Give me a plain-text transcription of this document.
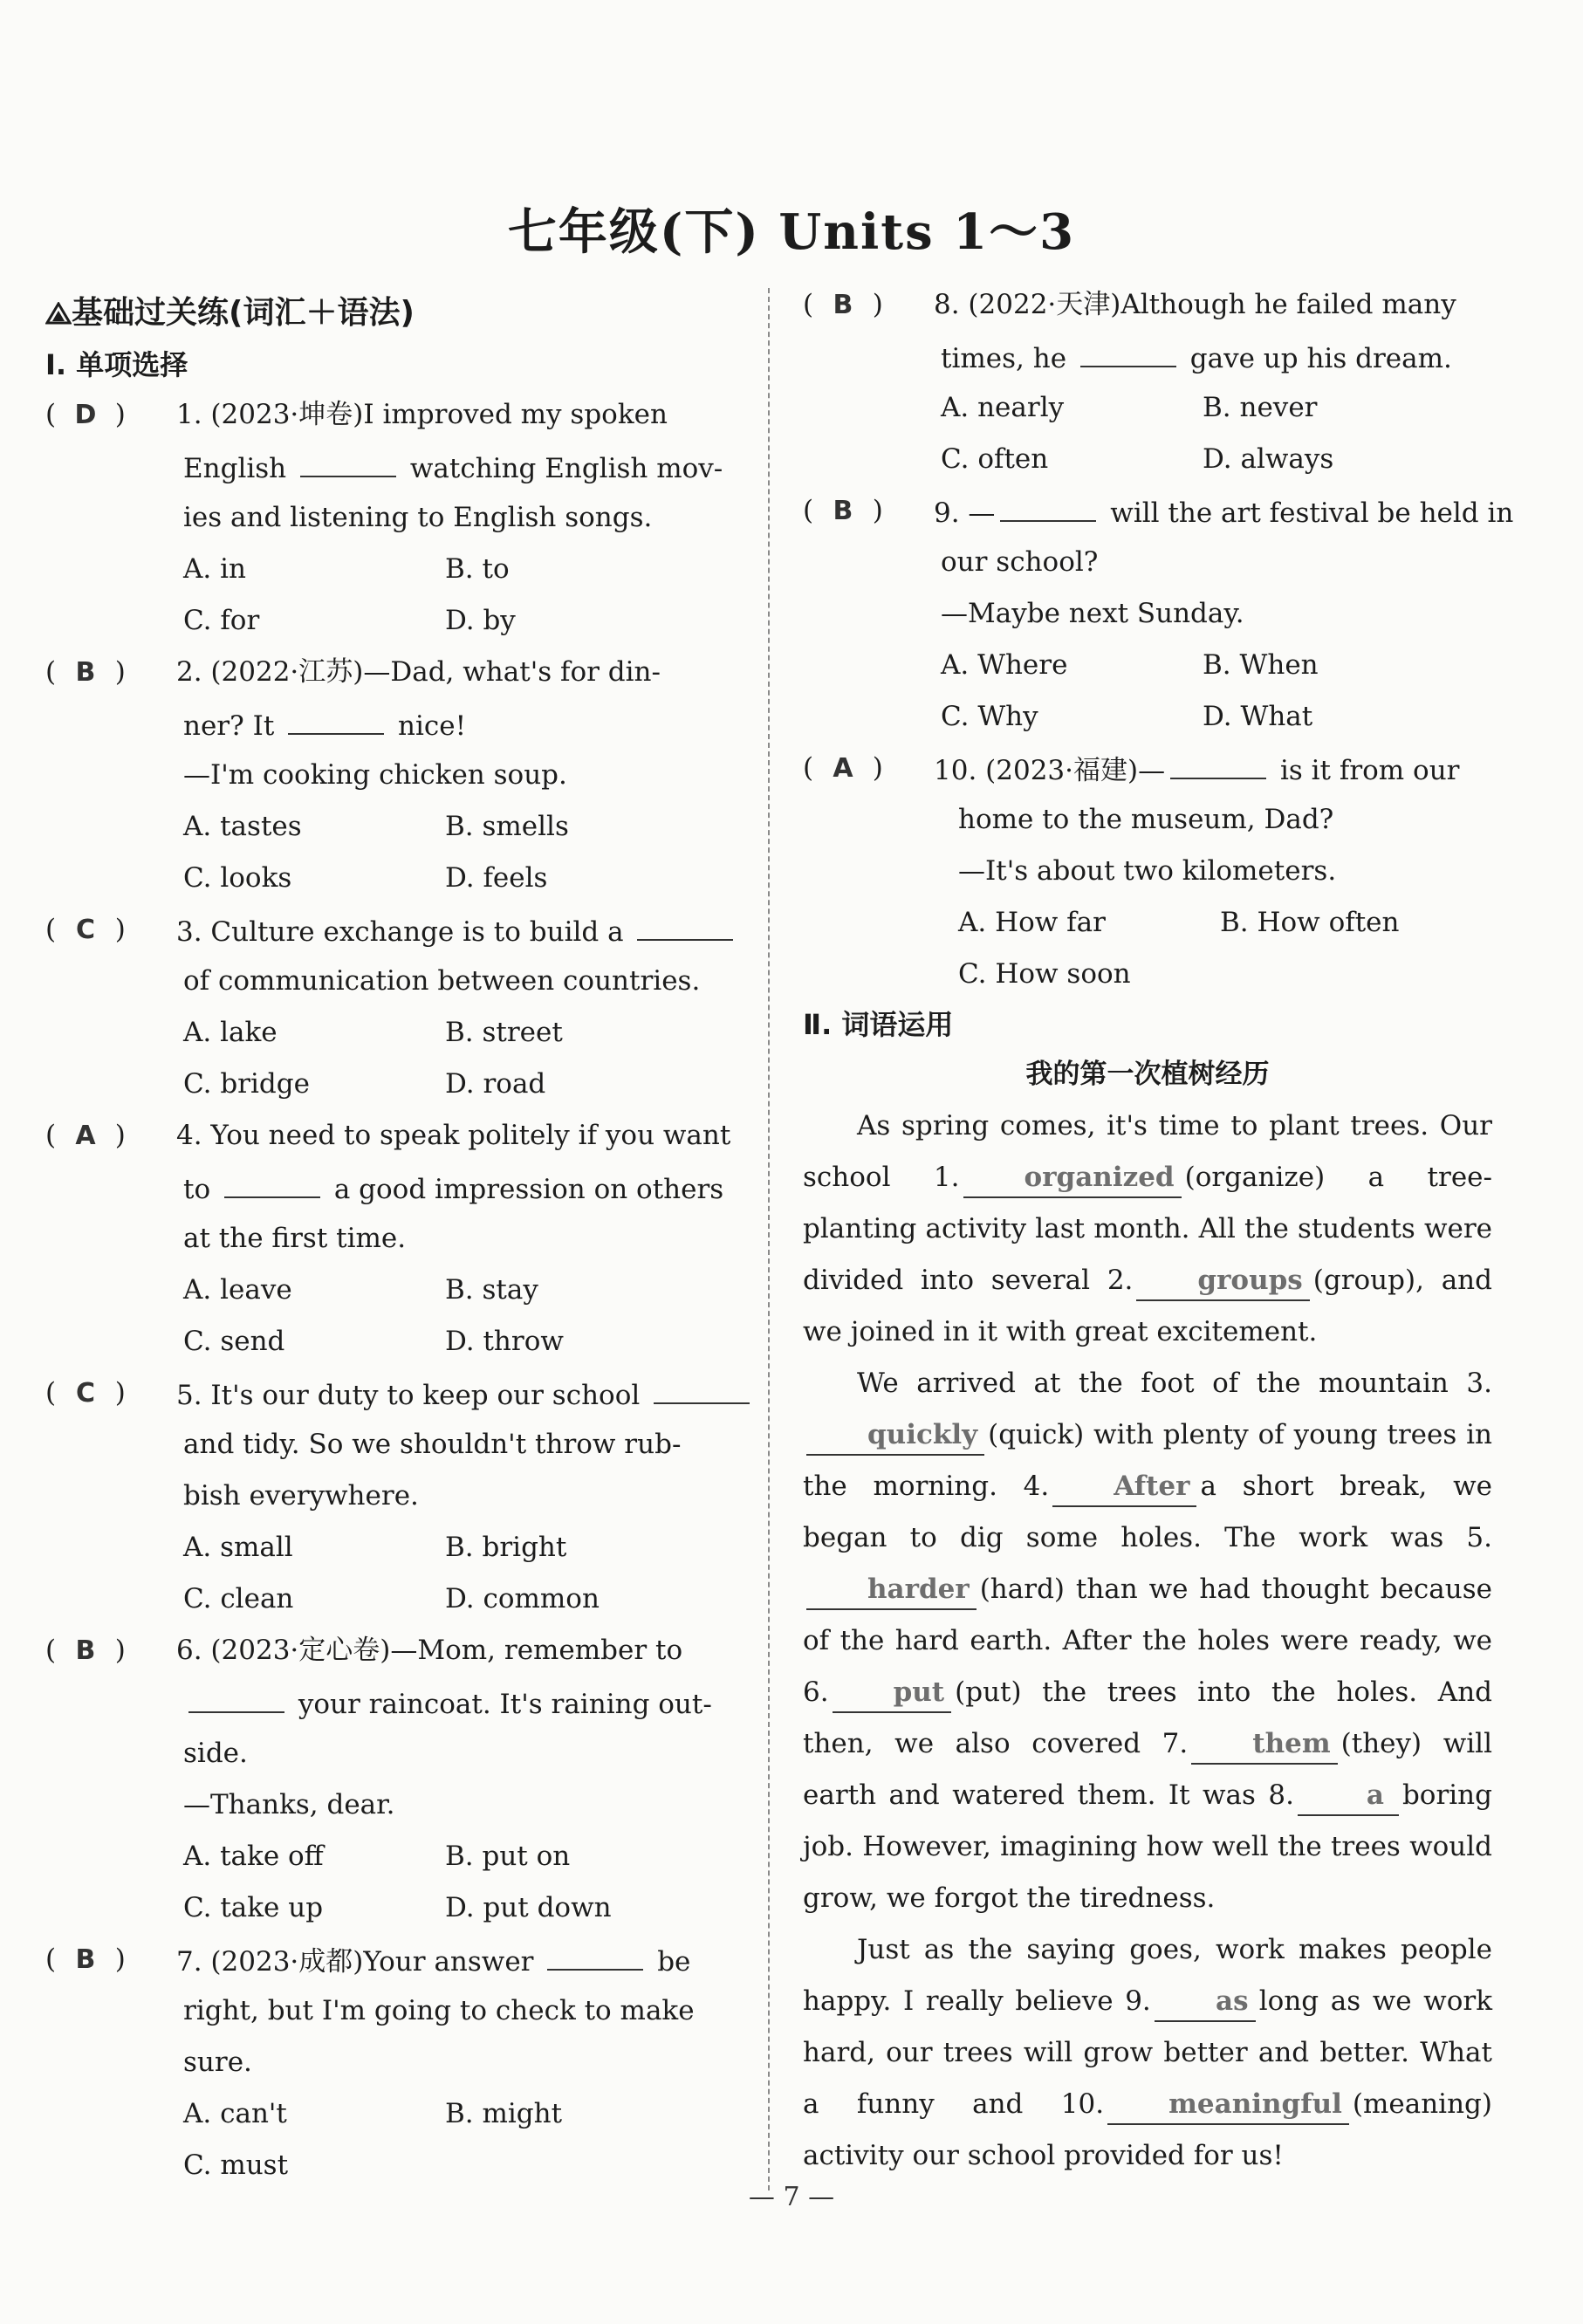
七年级(下) Units 1～3
基础过关练(词汇＋语法)
Ⅰ. 单项选择
( D )	1. (2023·坤卷)I improved my spoken
English	watching English mov-
ies and listening to English songs.
A. in	B. to
C. for	D. by
( B )	2. (2022·江苏)—Dad, what's for din-
ner? It	nice!
—I'm cooking chicken soup.
A. tastes	B. smells
C. looks	D. feels
( C )	3. Culture exchange is to build a
of communication between countries.
A. lake	B. street
C. bridge	D. road
( A )	4. You need to speak politely if you want
to	a good impression on others
at the first time.
A. leave	B. stay
C. send	D. throw
( C )	5. It's our duty to keep our school
and tidy. So we shouldn't throw rub-
bish everywhere.
A. small	B. bright
C. clean	D. common
( B )	6. (2023·定心卷)—Mom, remember to
your raincoat. It's raining out-
side.
—Thanks, dear.
A. take off	B. put on
C. take up	D. put down
( B )	7. (2023·成都)Your answer	be
right, but I'm going to check to make
sure.
A. can't	B. might
C. must
( B )	8. (2022·天津)Although he failed many
times, he	gave up his dream.
A. nearly	B. never
C. often	D. always
( B )	9. —	will the art festival be held in
our school?
—Maybe next Sunday.
A. Where	B. When
C. Why	D. What
( A )	10. (2023·福建)—	is it from our
home to the museum, Dad?
—It's about two kilometers.
A. How far	B. How often
C. How soon
Ⅱ. 词语运用
我的第一次植树经历
As spring comes, it's time to plant trees. Our school 1. organized (organize) a tree-planting activity last month. All the students were divided into several 2. groups (group), and we joined in it with great excitement.
We arrived at the foot of the mountain 3.quickly (quick) with plenty of young trees in the morning. 4. After a short break, we began to dig some holes. The work was 5.harder (hard) than we had thought because of the hard earth. After the holes were ready, we 6. put (put) the trees into the holes. And then, we also covered 7. them (they) will earth and watered them. It was 8.	a boring job. However, imagining how well the trees would grow, we forgot the tiredness.
Just as the saying goes, work makes people happy. I really believe 9. as long as we work hard, our trees will grow better and better. What a funny and 10. meaningful (meaning) activity our school provided for us!
— 7 —
